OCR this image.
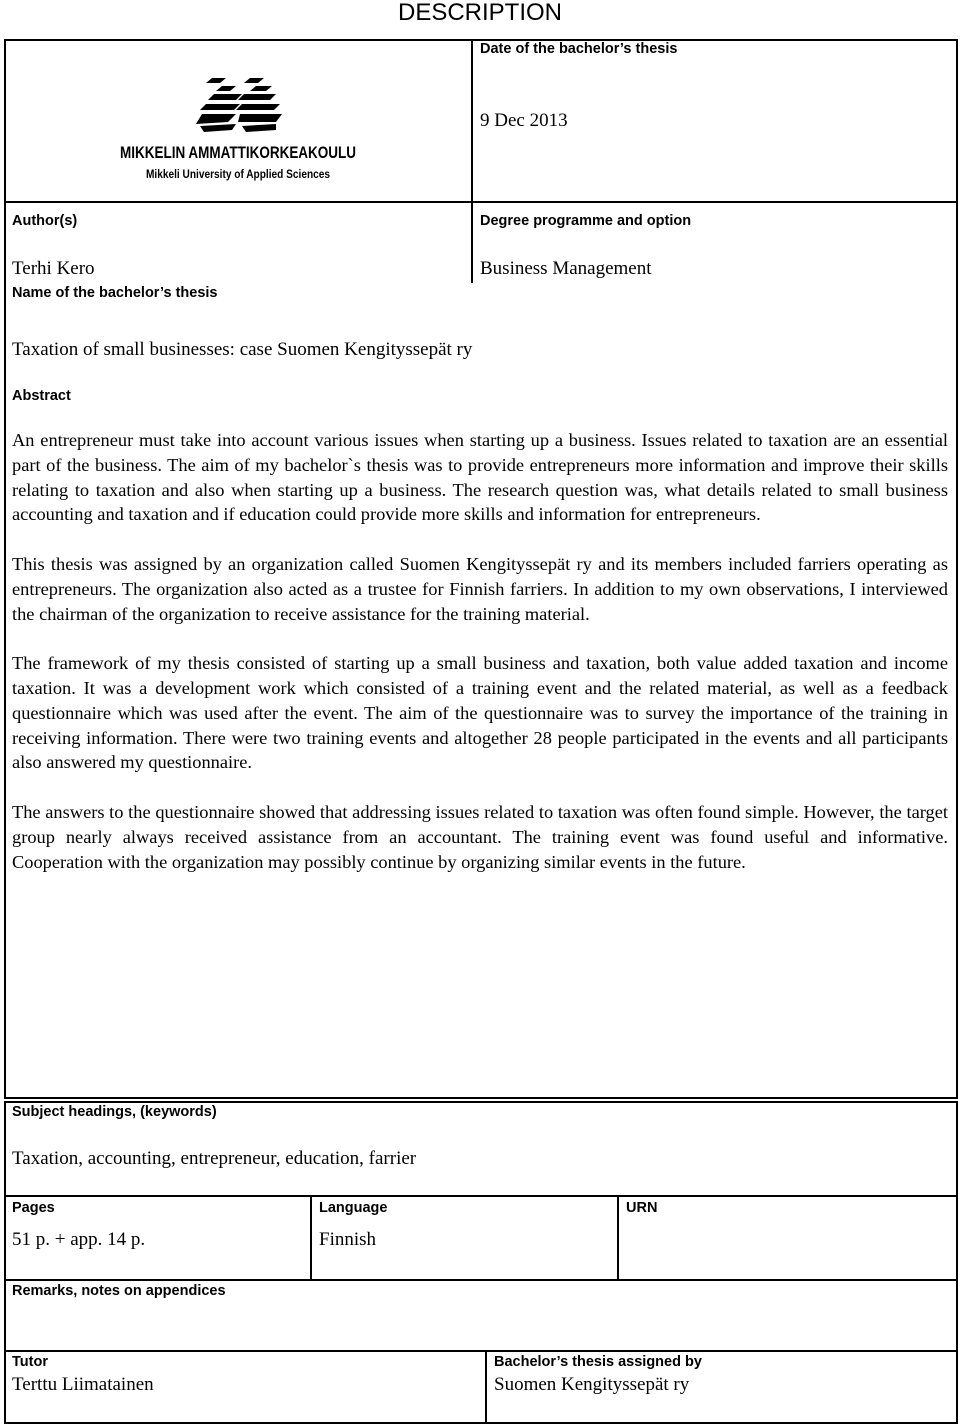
DESCRIPTION
MIKKELIN AMMATTIKORKEAKOULU
Mikkeli University of Applied Sciences
Date of the bachelor’s thesis
9 Dec 2013
Author(s)
Terhi Kero
Degree programme and option
Business Management
Name of the bachelor’s thesis
Taxation of small businesses: case Suomen Kengityssepät ry
Abstract

An entrepreneur must take into account various issues when starting up a business. Issues related to taxation are an essential part of the business. The aim of my bachelor`s thesis was to provide entrepreneurs more information and improve their skills relating to taxation and also when starting up a business. The research question was, what details related to small business accounting and taxation and if education could provide more skills and information for entrepreneurs.

This thesis was assigned by an organization called Suomen Kengityssepät ry and its members included farriers operating as entrepreneurs. The organization also acted as a trustee for Finnish farriers. In addition to my own observations, I interviewed the chairman of the organization to receive assistance for the training material.

The framework of my thesis consisted of starting up a small business and taxation, both value added taxation and income taxation. It was a development work which consisted of a training event and the related material, as well as a feedback questionnaire which was used after the event. The aim of the questionnaire was to survey the importance of the training in receiving information. There were two training events and altogether 28 people participated in the events and all participants also answered my questionnaire.

The answers to the questionnaire showed that addressing issues related to taxation was often found simple. However, the target group nearly always received assistance from an accountant. The training event was found useful and informative. Cooperation with the organization may possibly continue by organizing similar events in the future.

Subject headings, (keywords)
Taxation, accounting, entrepreneur, education, farrier
Pages
51 p. + app. 14 p.
Language
Finnish
URN
Remarks, notes on appendices
Tutor
Terttu Liimatainen
Bachelor’s thesis assigned by
Suomen Kengityssepät ry
